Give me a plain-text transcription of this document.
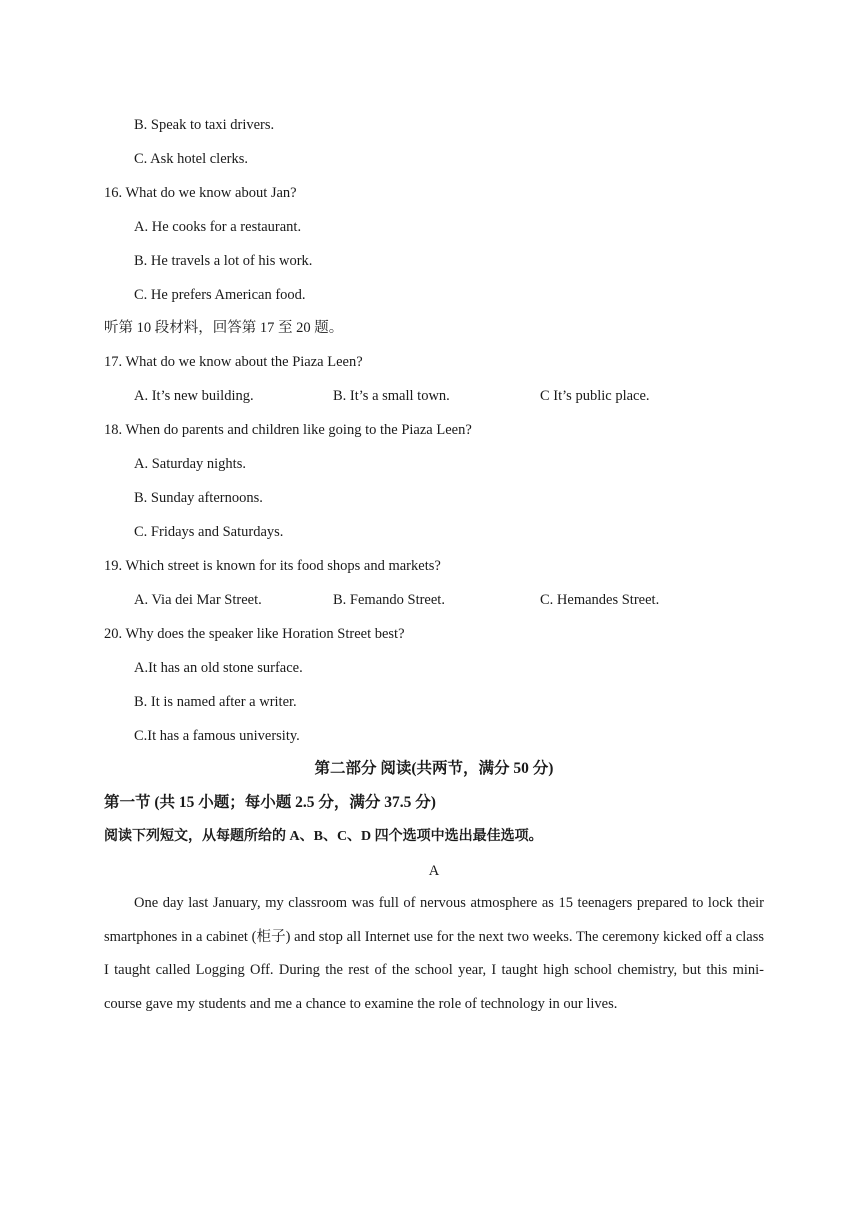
B. Speak to taxi drivers.
C. Ask hotel clerks.
16. What do we know about Jan?
A. He cooks for a restaurant.
B. He travels a lot of his work.
C. He prefers American food.
听第 10 段材料，回答第 17 至 20 题。
17. What do we know about the Piaza Leen?
A. It’s new building.	B. It’s a small town.	C It’s public place.
18. When do parents and children like going to the Piaza Leen?
A. Saturday nights.
B. Sunday afternoons.
C. Fridays and Saturdays.
19. Which street is known for its food shops and markets?
A. Via dei Mar Street.	B. Femando Street.	C. Hemandes Street.
20. Why does the speaker like Horation Street best?
A.It has an old stone surface.
B. It is named after a writer.
C.It has a famous university.
第二部分 阅读(共两节，满分 50 分)
第一节 (共 15 小题；每小题 2.5 分，满分 37.5 分)
阅读下列短文，从每题所给的 A、B、C、D 四个选项中选出最佳选项。
A
One day last January, my classroom was full of nervous atmosphere as 15 teenagers prepared to lock their smartphones in a cabinet (柜子) and stop all Internet use for the next two weeks. The ceremony kicked off a class I taught called Logging Off. During the rest of the school year, I taught high school chemistry, but this mini-course gave my students and me a chance to examine the role of technology in our lives.
